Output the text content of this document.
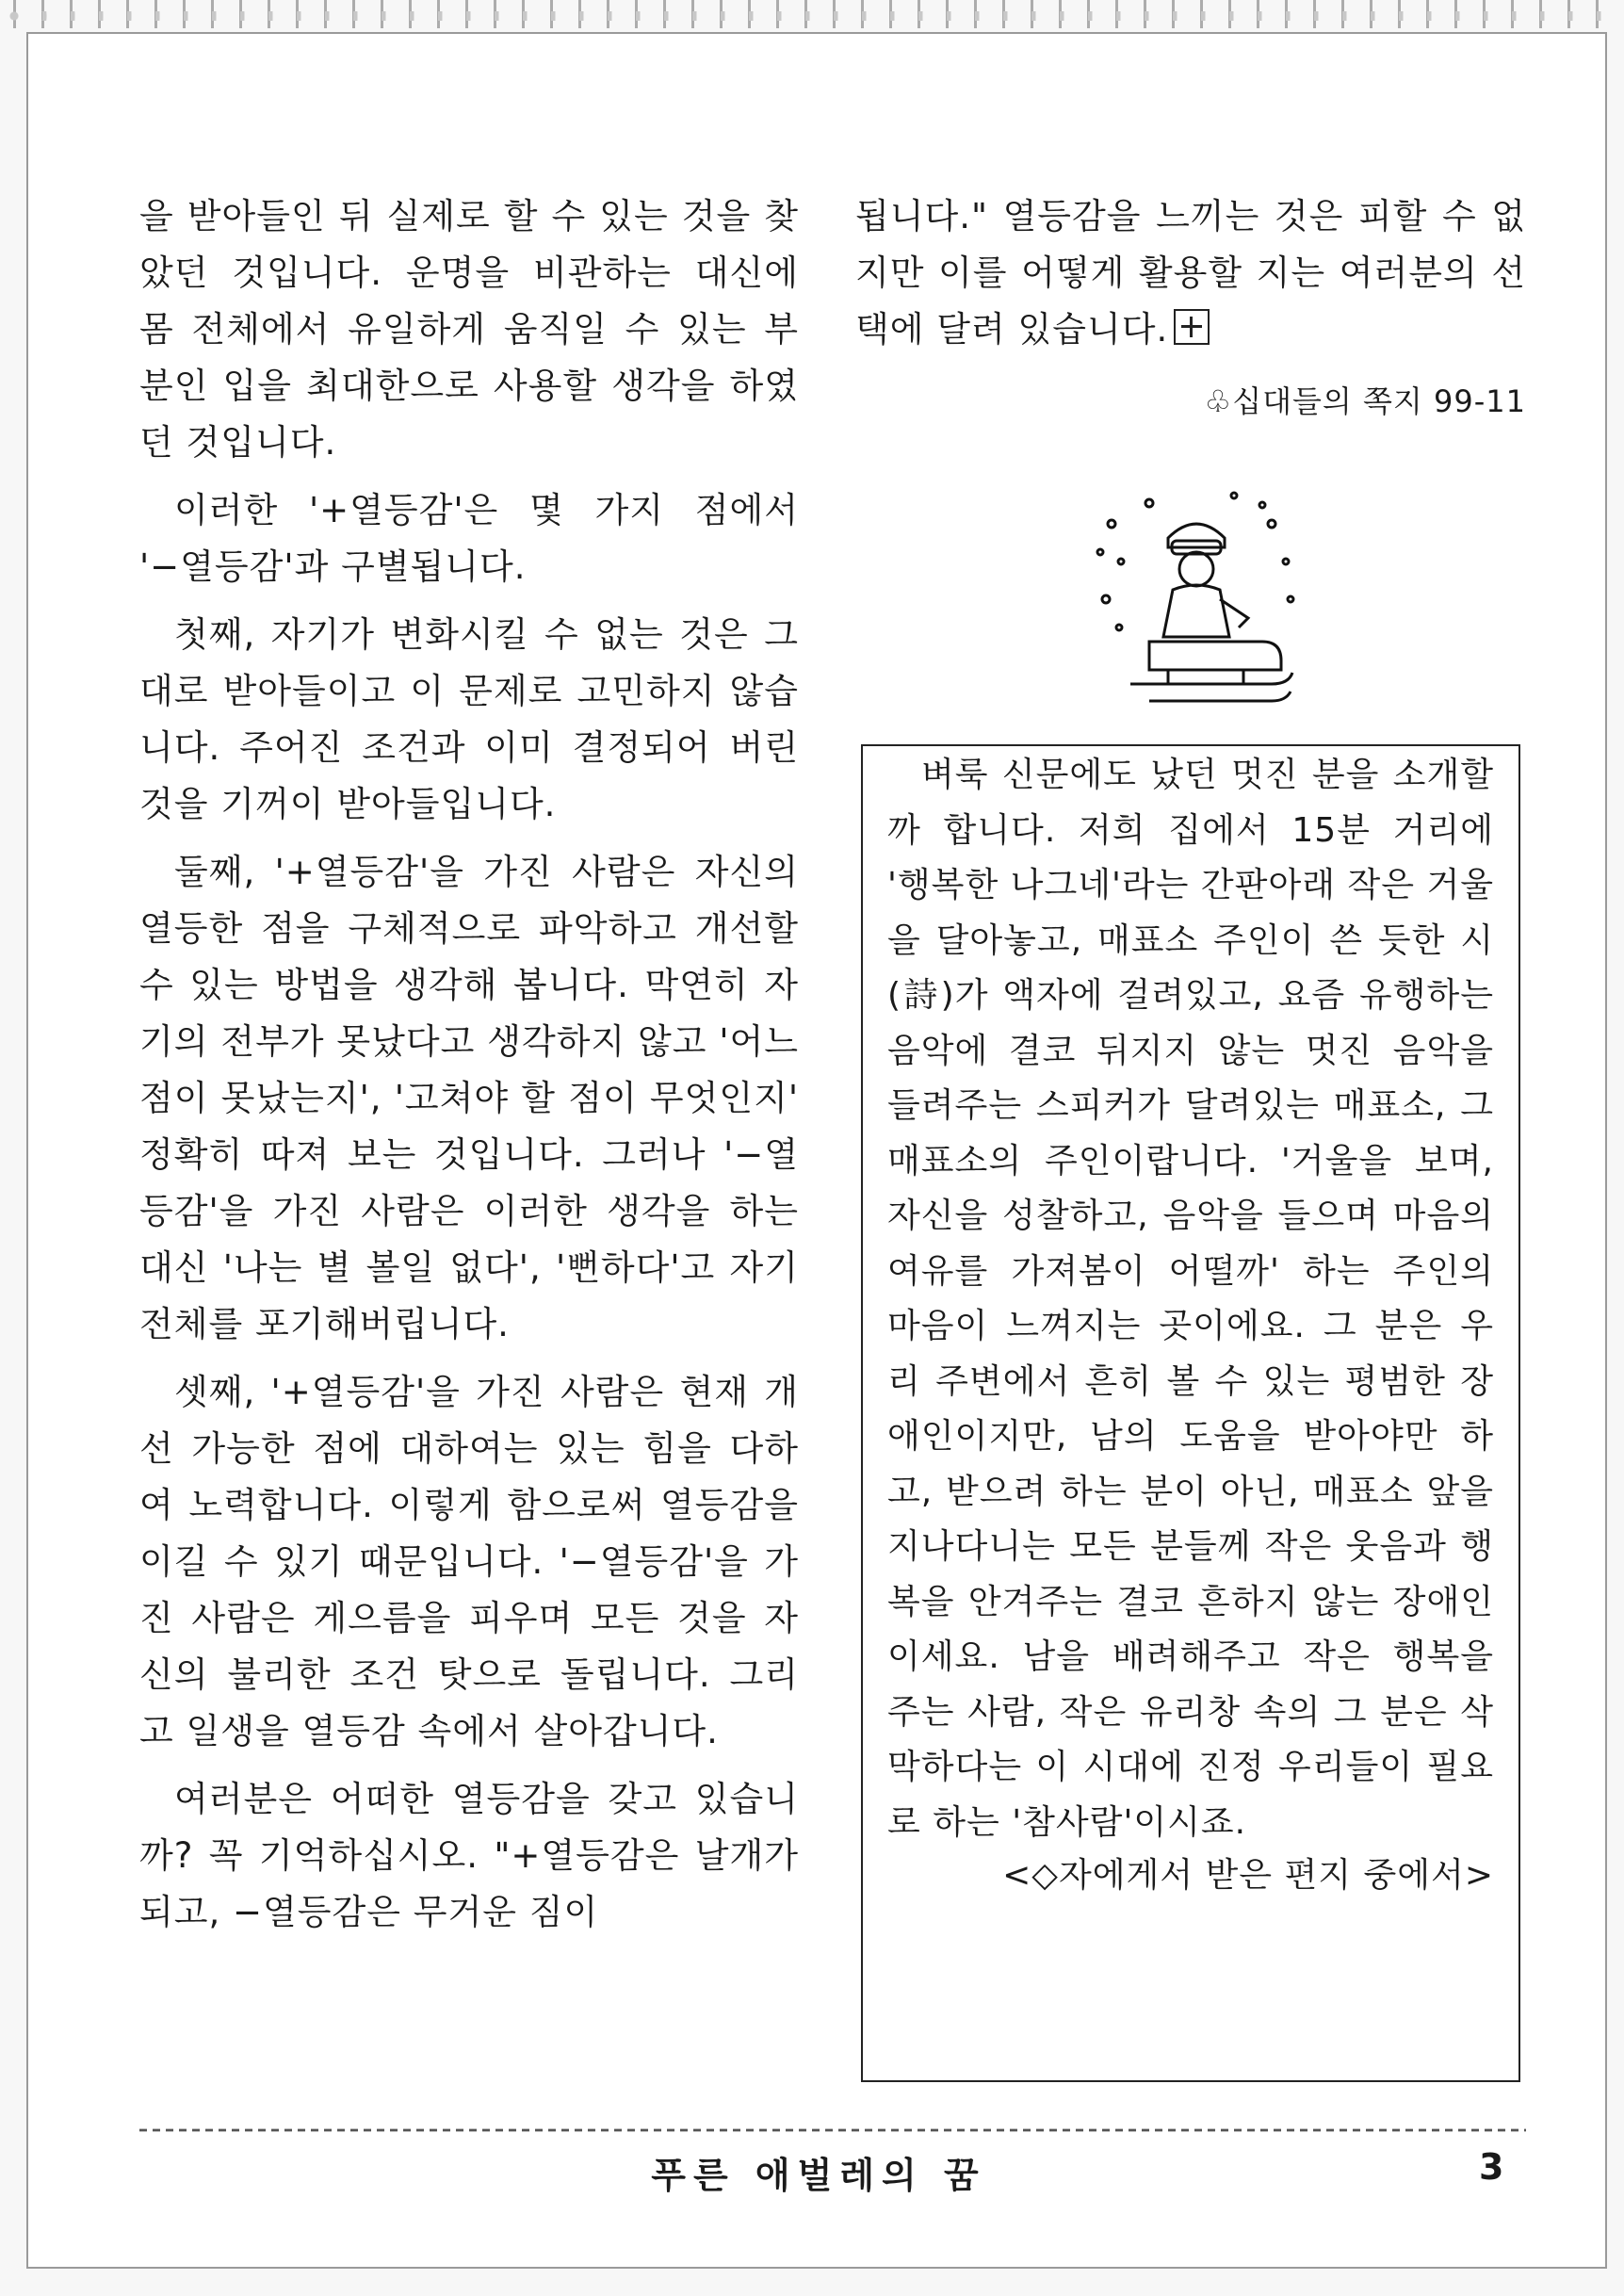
을 받아들인 뒤 실제로 할 수 있는 것을 찾았던 것입니다. 운명을 비관하는 대신에 몸 전체에서 유일하게 움직일 수 있는 부분인 입을 최대한으로 사용할 생각을 하였던 것입니다.

이러한 '+열등감'은 몇 가지 점에서 '−열등감'과 구별됩니다.

첫째, 자기가 변화시킬 수 없는 것은 그대로 받아들이고 이 문제로 고민하지 않습니다. 주어진 조건과 이미 결정되어 버린 것을 기꺼이 받아들입니다.

둘째, '+열등감'을 가진 사람은 자신의 열등한 점을 구체적으로 파악하고 개선할 수 있는 방법을 생각해 봅니다. 막연히 자기의 전부가 못났다고 생각하지 않고 '어느 점이 못났는지', '고쳐야 할 점이 무엇인지' 정확히 따져 보는 것입니다. 그러나 '−열등감'을 가진 사람은 이러한 생각을 하는 대신 '나는 별 볼일 없다', '뻔하다'고 자기 전체를 포기해버립니다.

셋째, '+열등감'을 가진 사람은 현재 개선 가능한 점에 대하여는 있는 힘을 다하여 노력합니다. 이렇게 함으로써 열등감을 이길 수 있기 때문입니다. '−열등감'을 가진 사람은 게으름을 피우며 모든 것을 자신의 불리한 조건 탓으로 돌립니다. 그리고 일생을 열등감 속에서 살아갑니다.

여러분은 어떠한 열등감을 갖고 있습니까? 꼭 기억하십시오. "+열등감은 날개가 되고, −열등감은 무거운 짐이

됩니다." 열등감을 느끼는 것은 피할 수 없지만 이를 어떻게 활용할 지는 여러분의 선택에 달려 있습니다.

♧십대들의 쪽지 99-11

벼룩 신문에도 났던 멋진 분을 소개할까 합니다. 저희 집에서 15분 거리에 '행복한 나그네'라는 간판아래 작은 거울을 달아놓고, 매표소 주인이 쓴 듯한 시(詩)가 액자에 걸려있고, 요즘 유행하는 음악에 결코 뒤지지 않는 멋진 음악을 들려주는 스피커가 달려있는 매표소, 그 매표소의 주인이랍니다. '거울을 보며, 자신을 성찰하고, 음악을 들으며 마음의 여유를 가져봄이 어떨까' 하는 주인의 마음이 느껴지는 곳이에요. 그 분은 우리 주변에서 흔히 볼 수 있는 평범한 장애인이지만, 남의 도움을 받아야만 하고, 받으려 하는 분이 아닌, 매표소 앞을 지나다니는 모든 분들께 작은 웃음과 행복을 안겨주는 결코 흔하지 않는 장애인이세요. 남을 배려해주고 작은 행복을 주는 사람, 작은 유리창 속의 그 분은 삭막하다는 이 시대에 진정 우리들이 필요로 하는 '참사람'이시죠.

<◇자에게서 받은 편지 중에서>
푸른 애벌레의 꿈	3
